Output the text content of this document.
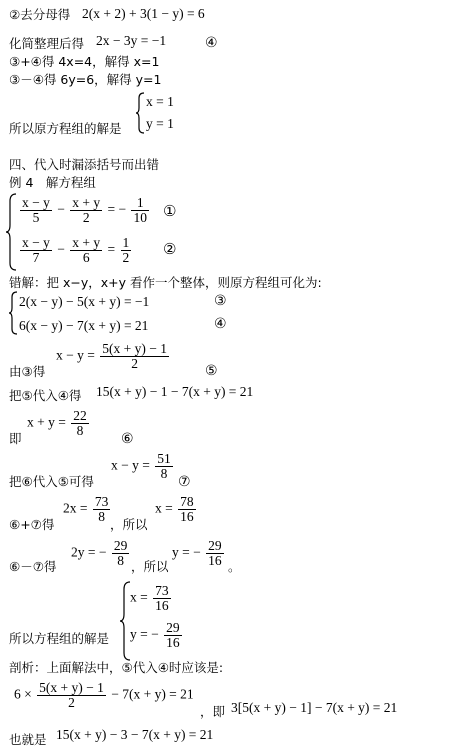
②去分母得 2(x + 2) + 3(1 − y) = 6
化简整理后得 2x − 3y = −1	④
③+④得 4x=4，解得 x=1
③－④得 6y=6，解得 y=1
x = 1
y = 1
所以原方程组的解是
四、代入时漏添括号而出错
例 4　解方程组
$\frac{x - y}{5} - \frac{x + y}{2}$ = − $\frac{1}{10}$ ①
$\frac{x - y}{7} - \frac{x + y}{6} = \frac{1}{2}$ ②
错解：把 x−y，x+y 看作一个整体，则原方程组可化为:
2(x − y) − 5(x + y) = −1	③
6(x − y) − 7(x + y) = 21	④
由③得
$x - y = \frac{5(x + y) - 1}{2}$	⑤
把⑤代入④得 15(x + y) − 1 − 7(x + y) = 21
即
$x + y = \frac{22}{8}$
⑥
把⑥代入⑤可得
$x - y = \frac{51}{8}$
⑦
⑥+⑦得
$2x = \frac{73}{8}$
，所以
$x = \frac{78}{16}$
⑥－⑦得
2y = − $\frac{29}{8}$ ，所以
y = − $\frac{29}{16}$ 。
$x = \frac{73}{16}$
y = − $\frac{29}{16}$
所以方程组的解是
剖析：上面解法中，⑤代入④时应该是:
$6 \times \frac{5(x + y) - 1}{2} - 7(x + y) = 21$
，即 3[5(x + y) − 1] − 7(x + y) = 21
也就是 15(x + y) − 3 − 7(x + y) = 21
